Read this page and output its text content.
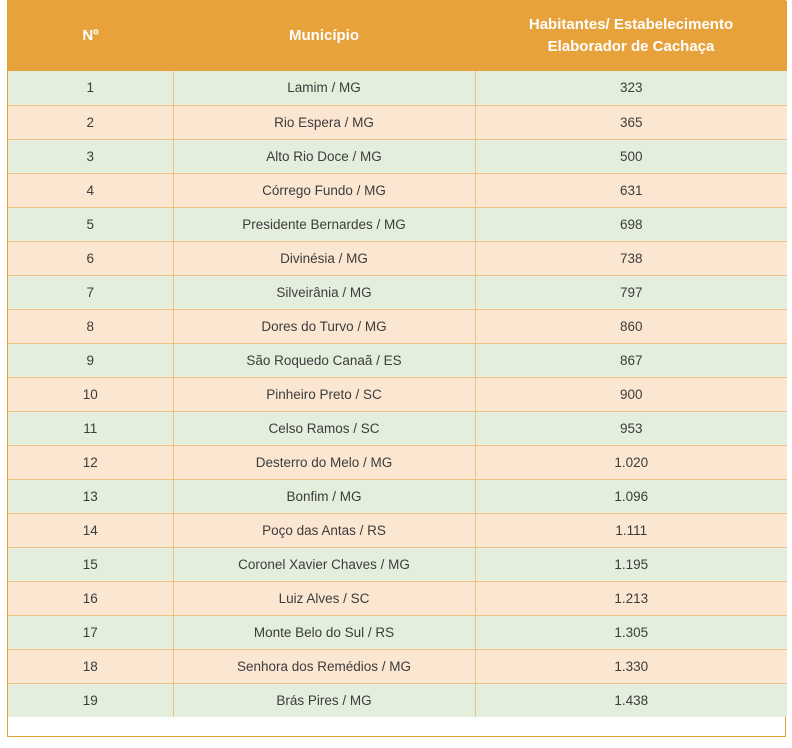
Nº	Município	Habitantes/ Estabelecimento
Elaborador de Cachaça

1	Lamim / MG	323
2	Rio Espera / MG	365
3	Alto Rio Doce / MG	500
4	Córrego Fundo / MG	631
5	Presidente Bernardes / MG	698
6	Divinésia / MG	738
7	Silveirânia / MG	797
8	Dores do Turvo / MG	860
9	São Roquedo Canaã / ES	867
10	Pinheiro Preto / SC	900
11	Celso Ramos / SC	953
12	Desterro do Melo / MG	1.020
13	Bonfim / MG	1.096
14	Poço das Antas / RS	1.111
15	Coronel Xavier Chaves / MG	1.195
16	Luiz Alves / SC	1.213
17	Monte Belo do Sul / RS	1.305
18	Senhora dos Remédios / MG	1.330
19	Brás Pires / MG	1.438
